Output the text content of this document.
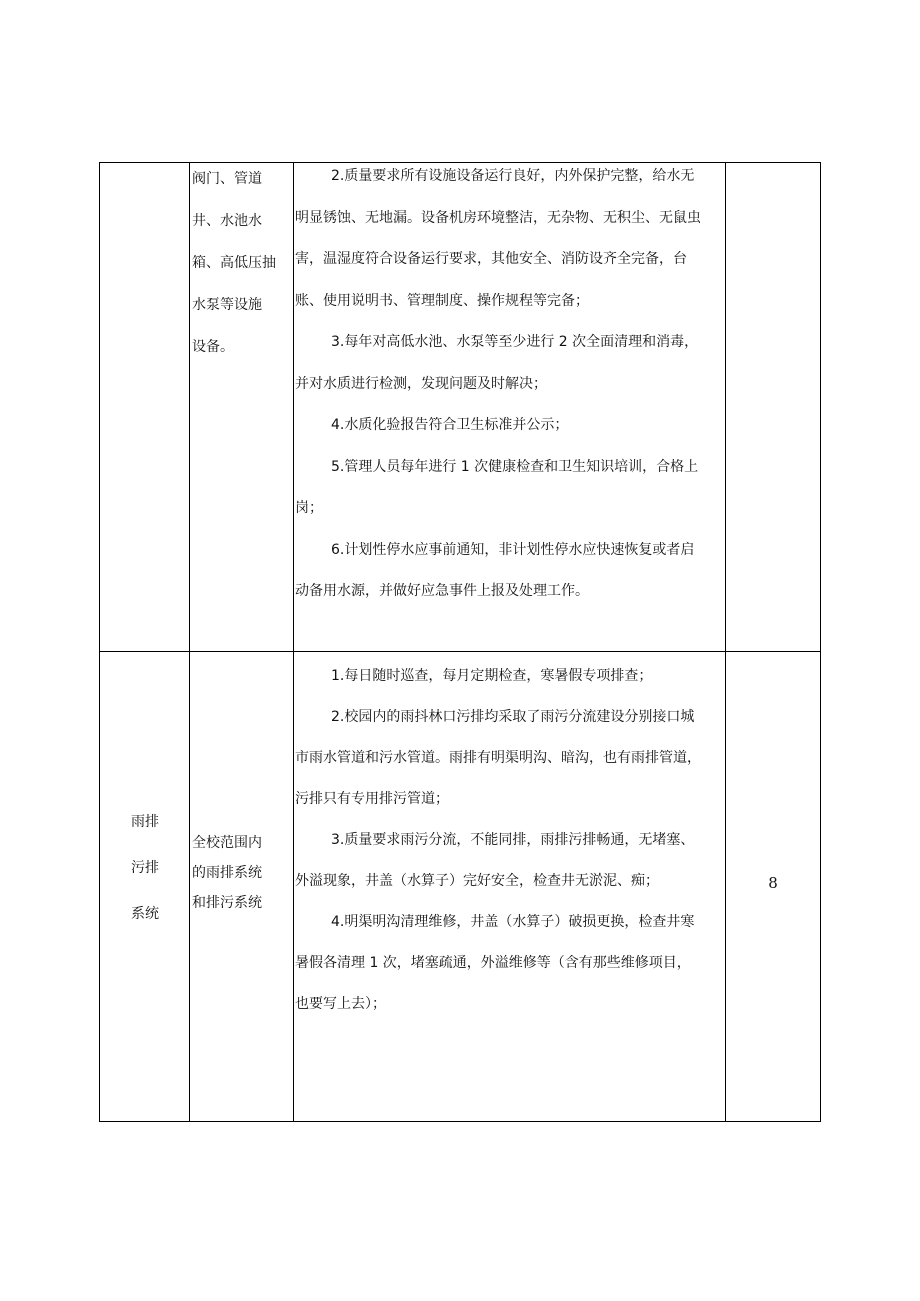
阀门、管道
井、水池水
箱、高低压抽
水泵等设施
设备。

2.质量要求所有设施设备运行良好，内外保护完整，给水无明显锈蚀、无地漏。设备机房环境整洁，无杂物、无积尘、无鼠虫害，温湿度符合设备运行要求，其他安全、消防设齐全完备，台账、使用说明书、管理制度、操作规程等完备；

3.每年对高低水池、水泵等至少进行 2 次全面清理和消毒，并对水质进行检测，发现问题及时解决；

4.水质化验报告符合卫生标准并公示；

5.管理人员每年进行 1 次健康检查和卫生知识培训，合格上岗；

6.计划性停水应事前通知，非计划性停水应快速恢复或者启动备用水源，并做好应急事件上报及处理工作。

雨排
污排
系统
全校范围内
的雨排系统
和排污系统

1.每日随时巡查，每月定期检查，寒暑假专项排查；

2.校园内的雨抖林口污排均采取了雨污分流建设分别接口城市雨水管道和污水管道。雨排有明渠明沟、暗沟，也有雨排管道，污排只有专用排污管道；

3.质量要求雨污分流，不能同排，雨排污排畅通，无堵塞、外溢现象，井盖（水算子）完好安全，检查井无淤泥、痴；

4.明渠明沟清理维修，井盖（水算子）破损更换，检查井寒暑假各清理 1 次，堵塞疏通，外溢维修等（含有那些维修项目，也要写上去）；

8
